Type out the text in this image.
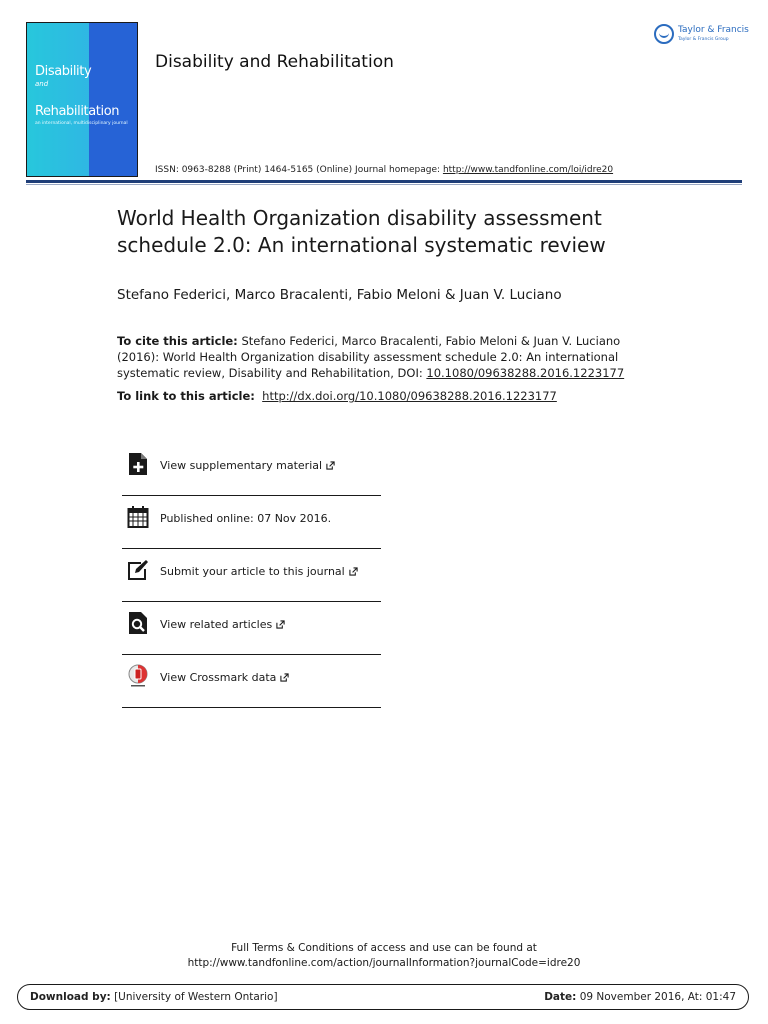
Disability
and
Rehabilitation
an international, multidisciplinary journal
Disability and Rehabilitation
ISSN: 0963-8288 (Print) 1464-5165 (Online) Journal homepage: http://www.tandfonline.com/loi/idre20
Taylor & Francis
Taylor & Francis Group
World Health Organization disability assessment schedule 2.0: An international systematic review
Stefano Federici, Marco Bracalenti, Fabio Meloni & Juan V. Luciano
To cite this article: Stefano Federici, Marco Bracalenti, Fabio Meloni & Juan V. Luciano (2016): World Health Organization disability assessment schedule 2.0: An international systematic review, Disability and Rehabilitation, DOI: 10.1080/09638288.2016.1223177
To link to this article: http://dx.doi.org/10.1080/09638288.2016.1223177
View supplementary material
Published online: 07 Nov 2016.
Submit your article to this journal
View related articles
View Crossmark data
Full Terms & Conditions of access and use can be found at
http://www.tandfonline.com/action/journalInformation?journalCode=idre20
Download by: [University of Western Ontario]	Date: 09 November 2016, At: 01:47
